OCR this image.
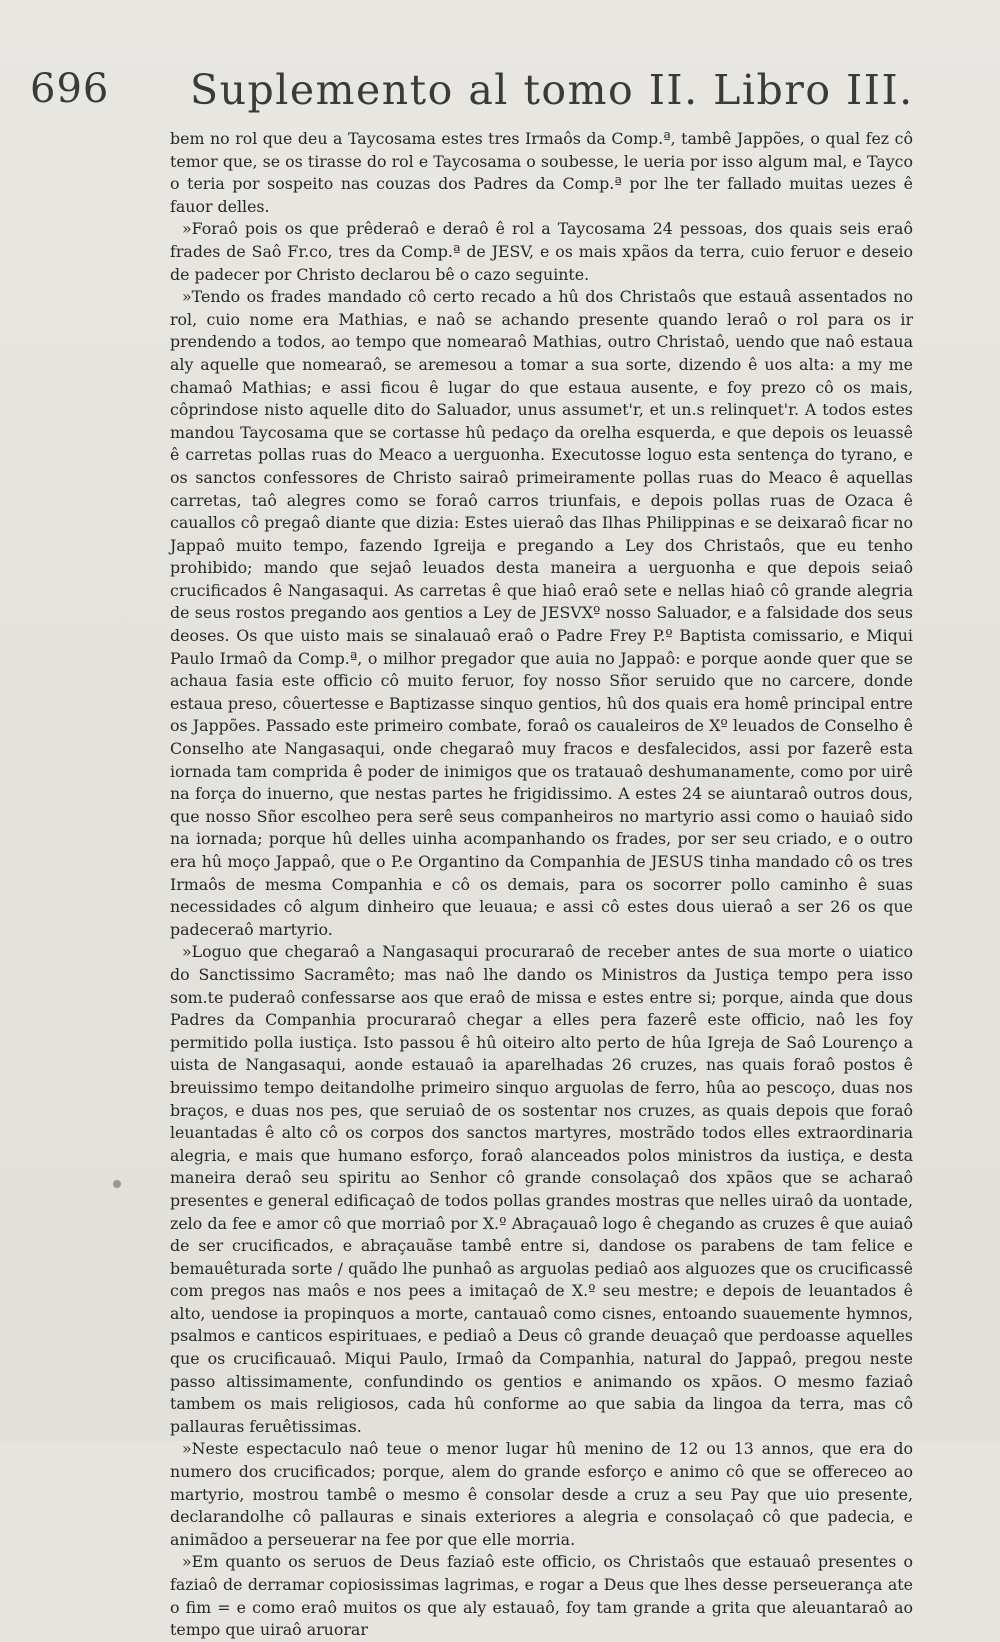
696 Suplemento al tomo II. Libro III.

bem no rol que deu a Taycosama estes tres Irmaôs da Comp.ª, tambê Jappões, o qual fez cô temor que, se os tirasse do rol e Taycosama o soubesse, le ueria por isso algum mal, e Tayco o teria por sospeito nas couzas dos Padres da Comp.ª por lhe ter fallado muitas uezes ê fauor delles.

»Foraô pois os que prêderaô e deraô ê rol a Taycosama 24 pessoas, dos quais seis eraô frades de Saô Fr.co, tres da Comp.ª de JESV, e os mais xpãos da terra, cuio feruor e deseio de padecer por Christo declarou bê o cazo seguinte.

»Tendo os frades mandado cô certo recado a hû dos Christaôs que estauâ assentados no rol, cuio nome era Mathias, e naô se achando presente quando leraô o rol para os ir prendendo a todos, ao tempo que nomearaô Mathias, outro Christaô, uendo que naô estaua aly aquelle que nomearaô, se aremesou a tomar a sua sorte, dizendo ê uos alta: a my me chamaô Mathias; e assi ficou ê lugar do que estaua ausente, e foy prezo cô os mais, côprindose nisto aquelle dito do Saluador, unus assumet'r, et un.s relinquet'r. A todos estes mandou Taycosama que se cortasse hû pedaço da orelha esquerda, e que depois os leuassê ê carretas pollas ruas do Meaco a uerguonha. Executosse loguo esta sentença do tyrano, e os sanctos confessores de Christo sairaô primeiramente pollas ruas do Meaco ê aquellas carretas, taô alegres como se foraô carros triunfais, e depois pollas ruas de Ozaca ê cauallos cô pregaô diante que dizia: Estes uieraô das Ilhas Philippinas e se deixaraô ficar no Jappaô muito tempo, fazendo Igreija e pregando a Ley dos Christaôs, que eu tenho prohibido; mando que sejaô leuados desta maneira a uerguonha e que depois seiaô crucificados ê Nangasaqui. As carretas ê que hiaô eraô sete e nellas hiaô cô grande alegria de seus rostos pregando aos gentios a Ley de JESVXº nosso Saluador, e a falsidade dos seus deoses. Os que uisto mais se sinalauaô eraô o Padre Frey P.º Baptista comissario, e Miqui Paulo Irmaô da Comp.ª, o milhor pregador que auia no Jappaô: e porque aonde quer que se achaua fasia este officio cô muito feruor, foy nosso Sñor seruido que no carcere, donde estaua preso, côuertesse e Baptizasse sinquo gentios, hû dos quais era homê principal entre os Jappões. Passado este primeiro combate, foraô os caualeiros de Xº leuados de Conselho ê Conselho ate Nangasaqui, onde chegaraô muy fracos e desfalecidos, assi por fazerê esta iornada tam comprida ê poder de inimigos que os tratauaô deshumanamente, como por uirê na força do inuerno, que nestas partes he frigidissimo. A estes 24 se aiuntaraô outros dous, que nosso Sñor escolheo pera serê seus companheiros no martyrio assi como o hauiaô sido na iornada; porque hû delles uinha acompanhando os frades, por ser seu criado, e o outro era hû moço Jappaô, que o P.e Organtino da Companhia de JESUS tinha mandado cô os tres Irmaôs de mesma Companhia e cô os demais, para os socorrer pollo caminho ê suas necessidades cô algum dinheiro que leuaua; e assi cô estes dous uieraô a ser 26 os que padeceraô martyrio.

»Loguo que chegaraô a Nangasaqui procuraraô de receber antes de sua morte o uiatico do Sanctissimo Sacramêto; mas naô lhe dando os Ministros da Justiça tempo pera isso som.te puderaô confessarse aos que eraô de missa e estes entre si; porque, ainda que dous Padres da Companhia procuraraô chegar a elles pera fazerê este officio, naô les foy permitido polla iustiça. Isto passou ê hû oiteiro alto perto de hûa Igreja de Saô Lourenço a uista de Nangasaqui, aonde estauaô ia aparelhadas 26 cruzes, nas quais foraô postos ê breuissimo tempo deitandolhe primeiro sinquo arguolas de ferro, hûa ao pescoço, duas nos braços, e duas nos pes, que seruiaô de os sostentar nos cruzes, as quais depois que foraô leuantadas ê alto cô os corpos dos sanctos martyres, mostrãdo todos elles extraordinaria alegria, e mais que humano esforço, foraô alanceados polos ministros da iustiça, e desta maneira deraô seu spiritu ao Senhor cô grande consolaçaô dos xpãos que se acharaô presentes e general edificaçaô de todos pollas grandes mostras que nelles uiraô da uontade, zelo da fee e amor cô que morriaô por X.º Abraçauaô logo ê chegando as cruzes ê que auiaô de ser crucificados, e abraçauãse tambê entre si, dandose os parabens de tam felice e bemauêturada sorte / quãdo lhe punhaô as arguolas pediaô aos alguozes que os crucificassê com pregos nas maôs e nos pees a imitaçaô de X.º seu mestre; e depois de leuantados ê alto, uendose ia propinquos a morte, cantauaô como cisnes, entoando suauemente hymnos, psalmos e canticos espirituaes, e pediaô a Deus cô grande deuaçaô que perdoasse aquelles que os crucificauaô. Miqui Paulo, Irmaô da Companhia, natural do Jappaô, pregou neste passo altissimamente, confundindo os gentios e animando os xpãos. O mesmo faziaô tambem os mais religiosos, cada hû conforme ao que sabia da lingoa da terra, mas cô pallauras feruêtissimas.

»Neste espectaculo naô teue o menor lugar hû menino de 12 ou 13 annos, que era do numero dos crucificados; porque, alem do grande esforço e animo cô que se offereceo ao martyrio, mostrou tambê o mesmo ê consolar desde a cruz a seu Pay que uio presente, declarandolhe cô pallauras e sinais exteriores a alegria e consolaçaô cô que padecia, e animãdoo a perseuerar na fee por que elle morria.

»Em quanto os seruos de Deus faziaô este officio, os Christaôs que estauaô presentes o faziaô de derramar copiosissimas lagrimas, e rogar a Deus que lhes desse perseuerança ate o fim = e como eraô muitos os que aly estauaô, foy tam grande a grita que aleuantaraô ao tempo que uiraô aruorar
